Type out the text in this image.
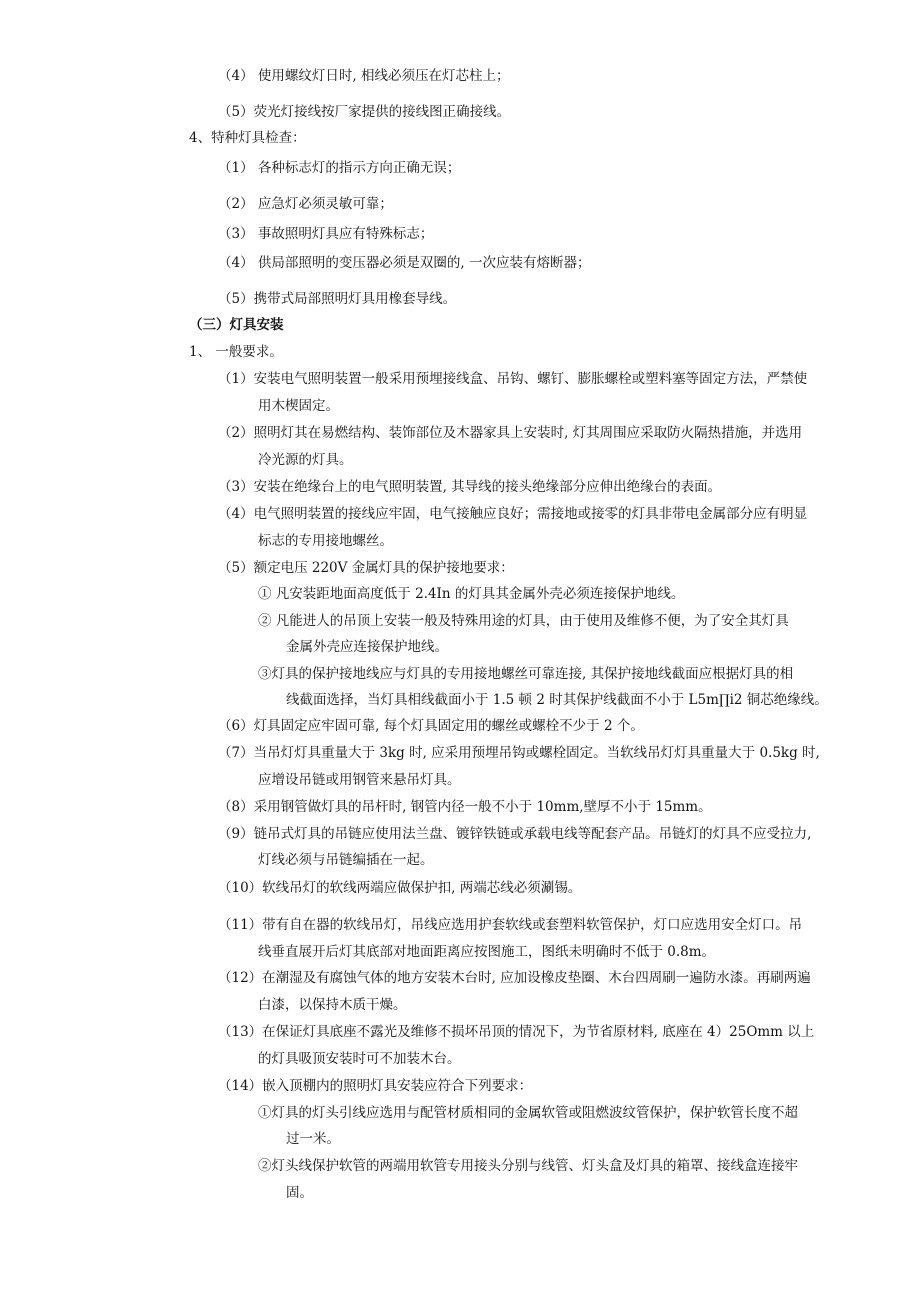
（4） 使用螺纹灯日时, 相线必须压在灯芯柱上；
（5）荧光灯接线按厂家提供的接线图正确接线。
4、特种灯具检查：
（1） 各种标志灯的指示方向正确无误；
（2） 应急灯必须灵敏可靠；
（3） 事故照明灯具应有特殊标志；
（4） 供局部照明的变压器必须是双圈的, 一次应装有熔断器；
（5）携带式局部照明灯具用橡套导线。
（三）灯具安装
1、 一般要求。
（1）安装电气照明装置一般采用预埋接线盒、吊钩、螺钉、膨胀螺栓或塑料塞等固定方法，严禁使
用木楔固定。
（2）照明灯其在易燃结构、装饰部位及木器家具上安装时, 灯其周围应采取防火隔热措施，并选用
冷光源的灯具。
（3）安装在绝缘台上的电气照明装置, 其导线的接头绝缘部分应伸出绝缘台的表面。
（4）电气照明装置的接线应牢固，电气接触应良好；需接地或接零的灯具非带电金属部分应有明显
标志的专用接地螺丝。
（5）额定电压 220V 金属灯具的保护接地要求：
① 凡安装距地面高度低于 2.4In 的灯具其金属外壳必须连接保护地线。
② 凡能进人的吊顶上安装一般及特殊用途的灯具，由于使用及维修不便，为了安全其灯具
金属外壳应连接保护地线。
③灯具的保护接地线应与灯具的专用接地螺丝可靠连接, 其保护接地线截面应根据灯具的相
线截面选择，当灯具相线截面小于 1.5 顿 2 时其保护线截面不小于 L5m∏i2 铜芯绝缘线。
（6）灯具固定应牢固可靠, 每个灯具固定用的螺丝或螺栓不少于 2 个。
（7）当吊灯灯具重量大于 3kg 时, 应采用预埋吊钩或螺栓固定。当软线吊灯灯具重量大于 0.5kg 时,
应增设吊链或用钢管来悬吊灯具。
（8）采用钢管做灯具的吊杆时, 钢管内径一般不小于 10mm,壁厚不小于 15mm。
（9）链吊式灯具的吊链应使用法兰盘、镀锌铁链或承载电线等配套产品。吊链灯的灯具不应受拉力,
灯线必须与吊链编插在一起。
（10）软线吊灯的软线两端应做保护扣, 两端芯线必须涮锡。
（11）带有自在器的软线吊灯，吊线应选用护套软线或套塑料软管保护，灯口应选用安全灯口。吊
线垂直展开后灯其底部对地面距离应按图施工，图纸未明确时不低于 0.8m。
（12）在潮湿及有腐蚀气体的地方安装木台时, 应加设橡皮垫圈、木台四周刷一遍防水漆。再刷两遍
白漆，以保持木质干燥。
（13）在保证灯具底座不露光及维修不损坏吊顶的情况下，为节省原材料, 底座在 4）25Omm 以上
的灯具吸顶安装时可不加装木台。
（14）嵌入顶棚内的照明灯具安装应符合下列要求：
①灯具的灯头引线应选用与配管材质相同的金属软管或阻燃波纹管保护，保护软管长度不超
过一米。
②灯头线保护软管的两端用软管专用接头分别与线管、灯头盒及灯具的箱罩、接线盒连接牢
固。
